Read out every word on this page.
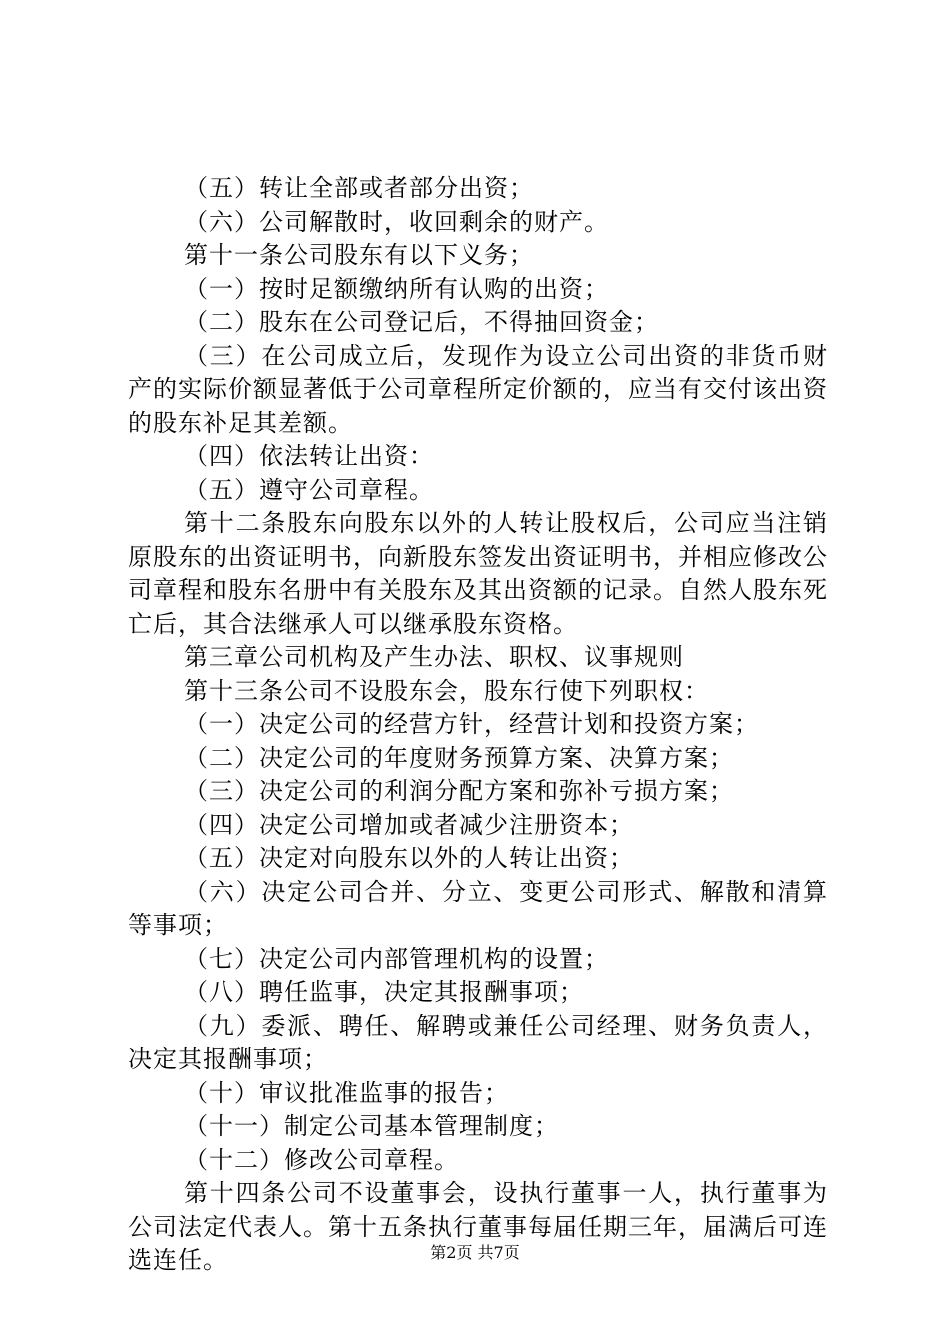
（五）转让全部或者部分出资；

（六）公司解散时，收回剩余的财产。

第十一条公司股东有以下义务；

（一）按时足额缴纳所有认购的出资；

（二）股东在公司登记后，不得抽回资金；

（三）在公司成立后，发现作为设立公司出资的非货币财产的实际价额显著低于公司章程所定价额的，应当有交付该出资的股东补足其差额。

（四）依法转让出资：

（五）遵守公司章程。

第十二条股东向股东以外的人转让股权后，公司应当注销原股东的出资证明书，向新股东签发出资证明书，并相应修改公司章程和股东名册中有关股东及其出资额的记录。自然人股东死亡后，其合法继承人可以继承股东资格。

第三章公司机构及产生办法、职权、议事规则

第十三条公司不设股东会，股东行使下列职权：

（一）决定公司的经营方针，经营计划和投资方案；

（二）决定公司的年度财务预算方案、决算方案；

（三）决定公司的利润分配方案和弥补亏损方案；

（四）决定公司增加或者减少注册资本；

（五）决定对向股东以外的人转让出资；

（六）决定公司合并、分立、变更公司形式、解散和清算等事项；

（七）决定公司内部管理机构的设置；

（八）聘任监事，决定其报酬事项；

（九）委派、聘任、解聘或兼任公司经理、财务负责人，决定其报酬事项；

（十）审议批准监事的报告；

（十一）制定公司基本管理制度；

（十二）修改公司章程。

第十四条公司不设董事会，设执行董事一人，执行董事为公司法定代表人。第十五条执行董事每届任期三年，届满后可连选连任。	第2页 共7页
